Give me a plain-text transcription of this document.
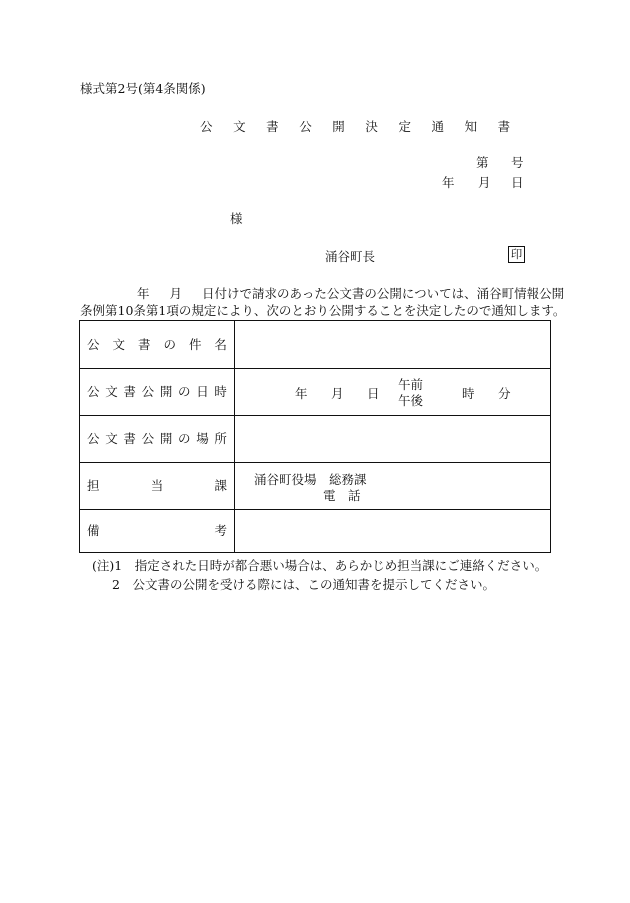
様式第2号(第4条関係)
公 文 書 公 開 決 定 通 知 書
第 号
年 月 日
様
涌谷町長	印
年 月 日付けで請求のあった公文書の公開については、涌谷町情報公開
条例第10条第1項の規定により、次のとおり公開することを決定したので通知します。
公 文 書 の 件 名
公 文 書 公 開 の 日 時	年 月 日
午前
午後	時 分
公 文 書 公 開 の 場 所
担	当	課 涌谷町役場　総務課
電　話
備	考
(注)1　指定された日時が都合悪い場合は、あらかじめ担当課にご連絡ください。
2　公文書の公開を受ける際には、この通知書を提示してください。
